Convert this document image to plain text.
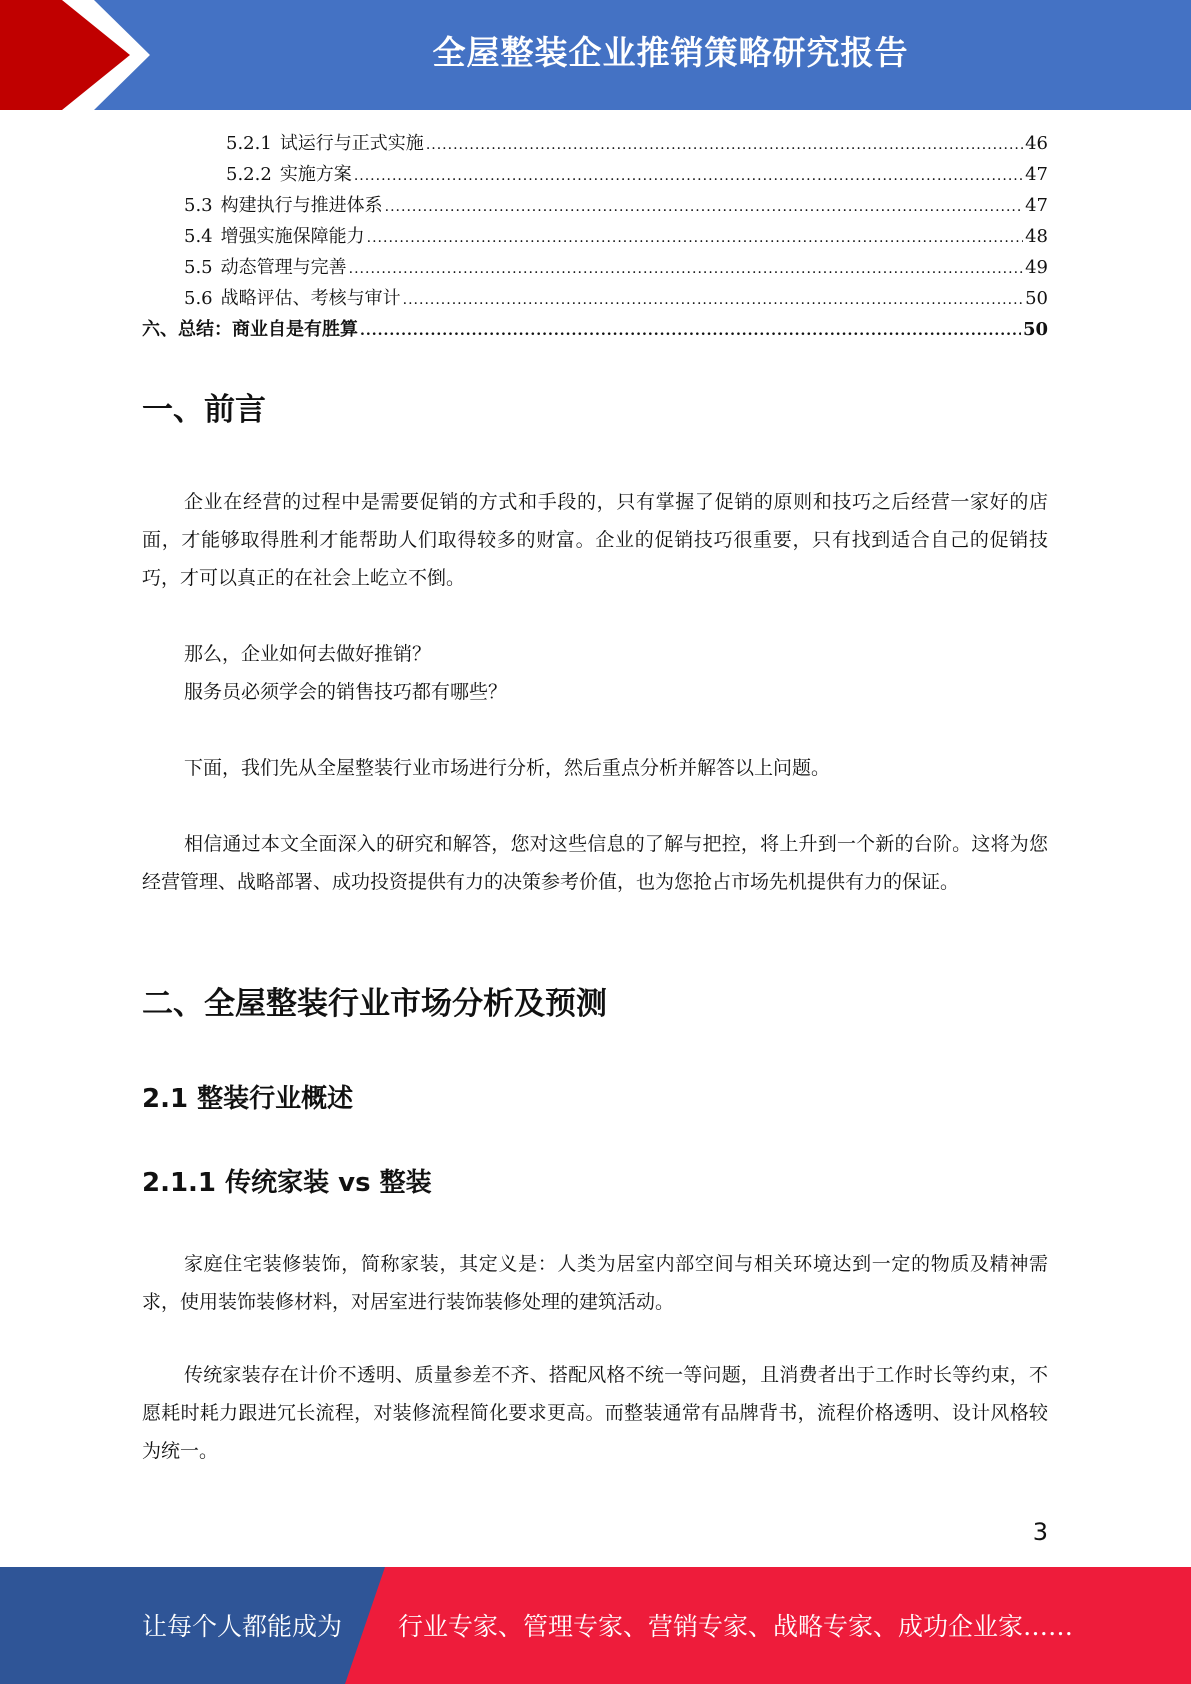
全屋整装企业推销策略研究报告
5.2.1 试运行与正式实施 .....	46
5.2.2 实施方案 .....	47
5.3 构建执行与推进体系 .....	47
5.4 增强实施保障能力 .....	48
5.5 动态管理与完善 .....	49
5.6 战略评估、考核与审计 .....	50
六、总结：商业自是有胜算 .....	50
一、前言

企业在经营的过程中是需要促销的方式和手段的，只有掌握了促销的原则和技巧之后经营一家好的店面，才能够取得胜利才能帮助人们取得较多的财富。企业的促销技巧很重要，只有找到适合自己的促销技巧，才可以真正的在社会上屹立不倒。

那么，企业如何去做好推销？

服务员必须学会的销售技巧都有哪些？

下面，我们先从全屋整装行业市场进行分析，然后重点分析并解答以上问题。

相信通过本文全面深入的研究和解答，您对这些信息的了解与把控，将上升到一个新的台阶。这将为您经营管理、战略部署、成功投资提供有力的决策参考价值，也为您抢占市场先机提供有力的保证。

二、全屋整装行业市场分析及预测
2.1 整装行业概述
2.1.1 传统家装 vs 整装

家庭住宅装修装饰，简称家装，其定义是：人类为居室内部空间与相关环境达到一定的物质及精神需求，使用装饰装修材料，对居室进行装饰装修处理的建筑活动。

传统家装存在计价不透明、质量参差不齐、搭配风格不统一等问题，且消费者出于工作时长等约束，不愿耗时耗力跟进冗长流程，对装修流程简化要求更高。而整装通常有品牌背书，流程价格透明、设计风格较为统一。

3
让每个人都能成为 行业专家、管理专家、营销专家、战略专家、成功企业家……
